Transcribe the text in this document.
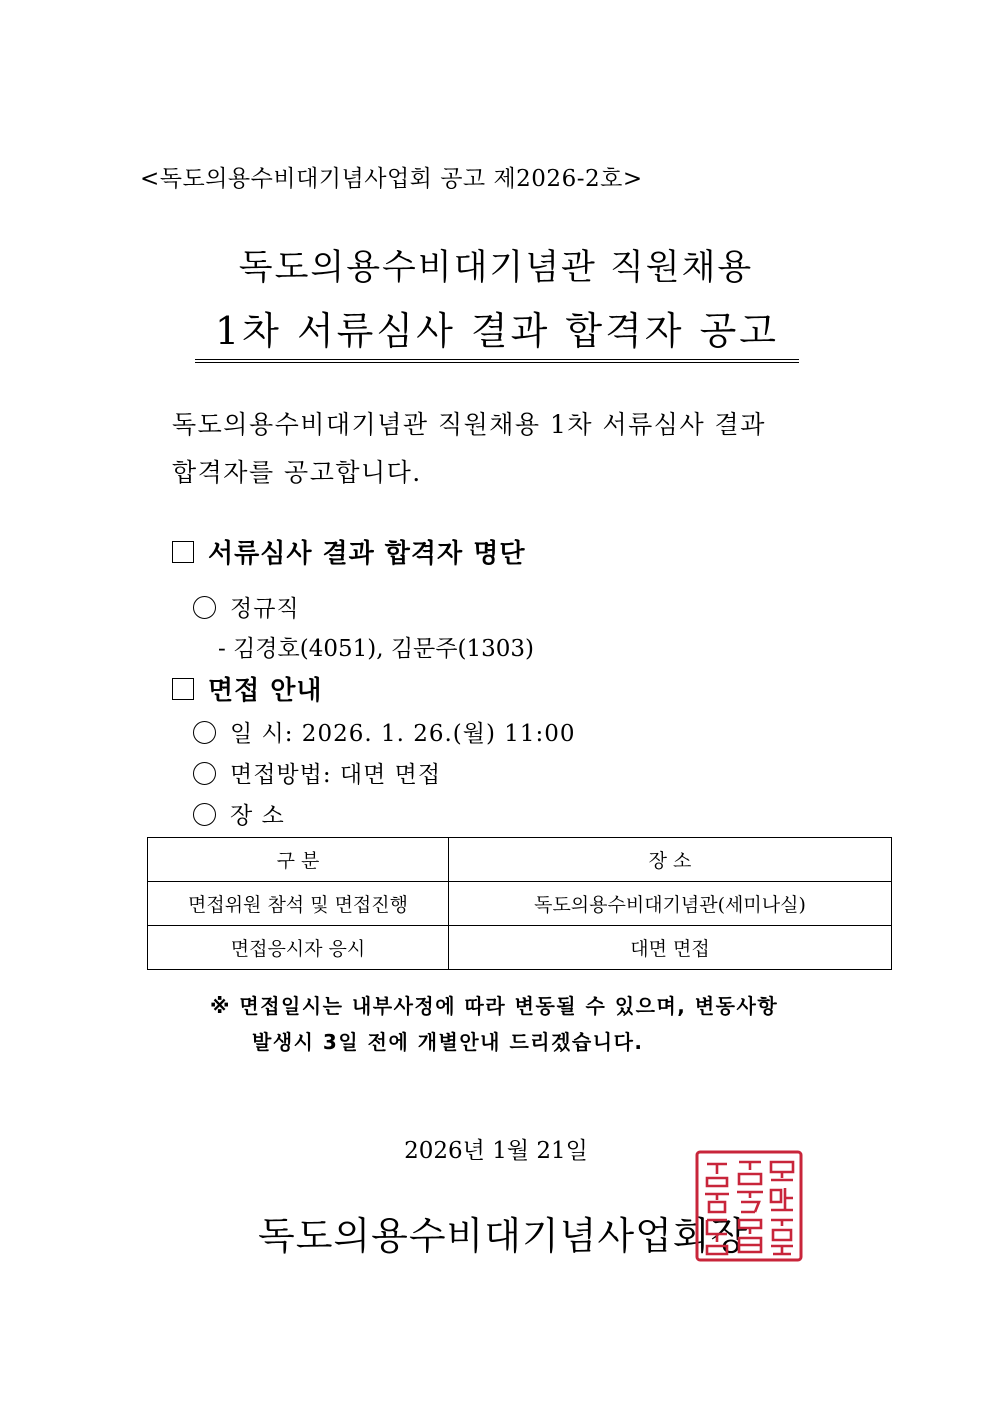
<독도의용수비대기념사업회 공고 제2026-2호>
독도의용수비대기념관 직원채용
1차 서류심사 결과 합격자 공고
독도의용수비대기념관 직원채용 1차 서류심사 결과
합격자를 공고합니다.
서류심사 결과 합격자 명단
정규직
- 김경호(4051), 김문주(1303)
면접 안내
일 시: 2026. 1. 26.(월) 11:00
면접방법: 대면 면접
장 소
구 분	장 소
면접위원 참석 및 면접진행	독도의용수비대기념관(세미나실)
면접응시자 응시	대면 면접
※ 면접일시는 내부사정에 따라 변동될 수 있으며, 변동사항
발생시 3일 전에 개별안내 드리겠습니다.
2026년 1월 21일
독도의용수비대기념사업회장
